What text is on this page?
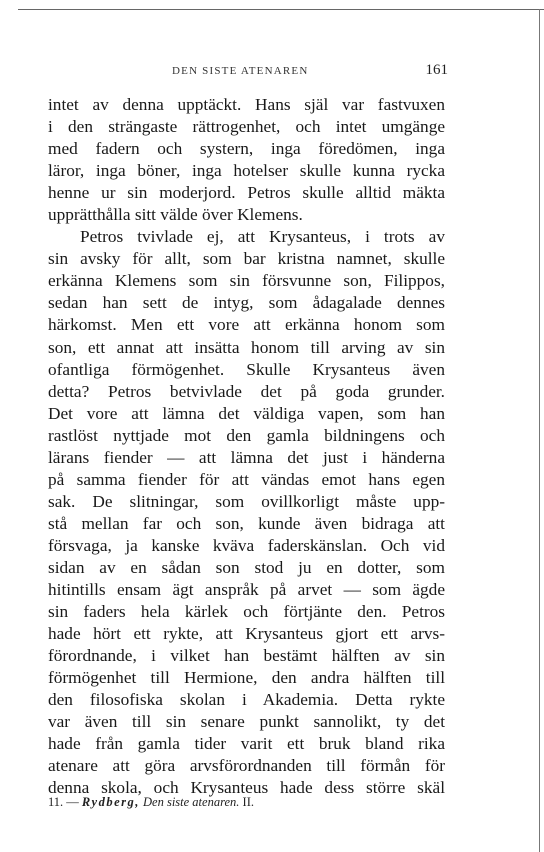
DEN SISTE ATENAREN	161
intet av denna upptäckt. Hans själ var fastvuxen
i den strängaste rättrogenhet, och intet umgänge
med fadern och systern, inga föredömen, inga
läror, inga böner, inga hotelser skulle kunna rycka
henne ur sin moderjord. Petros skulle alltid mäkta
upprätthålla sitt välde över Klemens.
Petros tvivlade ej, att Krysanteus, i trots av
sin avsky för allt, som bar kristna namnet, skulle
erkänna Klemens som sin försvunne son, Filippos,
sedan han sett de intyg, som ådagalade dennes
härkomst. Men ett vore att erkänna honom som
son, ett annat att insätta honom till arving av sin
ofantliga förmögenhet. Skulle Krysanteus även
detta? Petros betvivlade det på goda grunder.
Det vore att lämna det väldiga vapen, som han
rastlöst nyttjade mot den gamla bildningens och
lärans fiender — att lämna det just i händerna
på samma fiender för att vändas emot hans egen
sak. De slitningar, som ovillkorligt måste upp-
stå mellan far och son, kunde även bidraga att
försvaga, ja kanske kväva faderskänslan. Och vid
sidan av en sådan son stod ju en dotter, som
hitintills ensam ägt anspråk på arvet — som ägde
sin faders hela kärlek och förtjänte den. Petros
hade hört ett rykte, att Krysanteus gjort ett arvs-
förordnande, i vilket han bestämt hälften av sin
förmögenhet till Hermione, den andra hälften till
den filosofiska skolan i Akademia. Detta rykte
var även till sin senare punkt sannolikt, ty det
hade från gamla tider varit ett bruk bland rika
atenare att göra arvsförordnanden till förmån för
denna skola, och Krysanteus hade dess större skäl
11. — Rydberg, Den siste atenaren. II.
